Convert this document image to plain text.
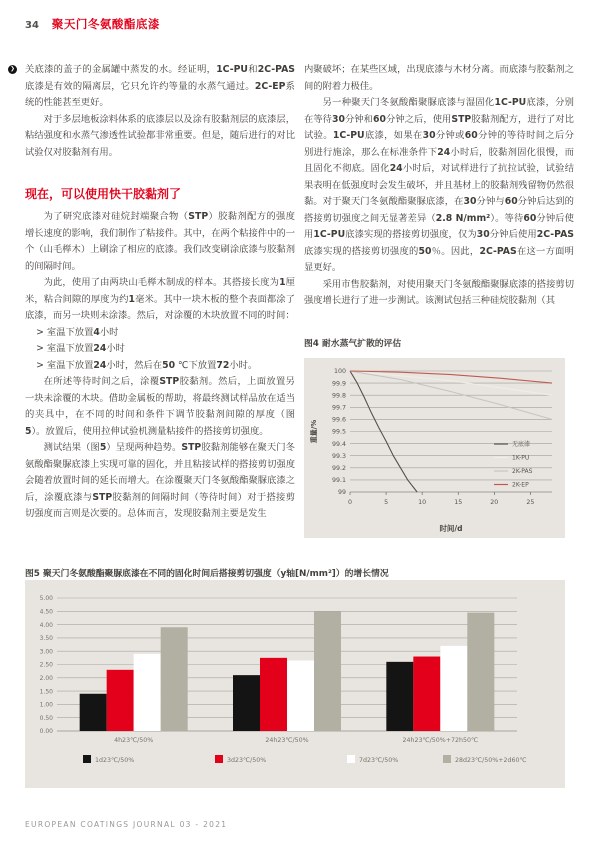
34 聚天门冬氨酸酯底漆
❯ 关底漆的盖子的金属罐中蒸发的水。经证明，1C-PU和2C-PAS底漆是有效的隔离层，它只允许约等量的水蒸气通过。2C-EP系统的性能甚至更好。

对于多层地板涂料体系的底漆层以及涂有胶黏剂层的底漆层，粘结强度和水蒸气渗透性试验都非常重要。但是，随后进行的对比试验仅对胶黏剂有用。

现在，可以使用快干胶黏剂了

为了研究底漆对硅烷封端聚合物（STP）胶黏剂配方的强度增长速度的影响，我们制作了粘接件。其中，在两个粘接件中的一个（山毛榉木）上刷涂了相应的底漆。我们改变刷涂底漆与胶黏剂的间隔时间。

为此，使用了由两块山毛榉木制成的样本。其搭接长度为1厘米，粘合间隙的厚度为约1毫米。其中一块木板的整个表面都涂了底漆，而另一块则未涂漆。然后，对涂覆的木块放置不同的时间：

> 室温下放置4小时

> 室温下放置24小时

> 室温下放置24小时，然后在50 ℃下放置72小时。

在所述等待时间之后，涂覆STP胶黏剂。然后，上面放置另一块未涂覆的木块。借助金属板的帮助，将最终测试样品放在适当的夹具中，在不同的时间和条件下调节胶黏剂间隙的厚度（图5）。放置后，使用拉伸试验机测量粘接件的搭接剪切强度。

测试结果（图5）呈现两种趋势。STP胶黏剂能够在聚天门冬氨酸酯聚脲底漆上实现可靠的固化，并且粘接试样的搭接剪切强度会随着放置时间的延长而增大。在涂覆聚天门冬氨酸酯聚脲底漆之后，涂覆底漆与STP胶黏剂的间隔时间（等待时间）对于搭接剪切强度而言则是次要的。总体而言，发现胶黏剂主要是发生

内聚破坏；在某些区域，出现底漆与木材分离。而底漆与胶黏剂之间的附着力极佳。

另一种聚天门冬氨酸酯聚脲底漆与湿固化1C-PU底漆，分别在等待30分钟和60分钟之后，使用STP胶黏剂配方，进行了对比试验。1C-PU底漆，如果在30分钟或60分钟的等待时间之后分别进行施涂，那么在标准条件下24小时后，胶黏剂固化很慢，而且固化不彻底。固化24小时后，对试样进行了抗拉试验，试验结果表明在低强度时会发生破坏，并且基材上的胶黏剂残留物仍然很黏。对于聚天门冬氨酸酯聚脲底漆，在30分钟与60分钟后达到的搭接剪切强度之间无显著差异（2.8 N/mm²）。等待60分钟后使用1C-PU底漆实现的搭接剪切强度，仅为30分钟后使用2C-PAS底漆实现的搭接剪切强度的50％。因此，2C-PAS在这一方面明显更好。

采用市售胶黏剂，对使用聚天门冬氨酸酯聚脲底漆的搭接剪切强度增长进行了进一步测试。该测试包括三种硅烷胶黏剂（其

图4 耐水蒸气扩散的评估

100
99.9
99.8
99.7
99.6
99.5
99.4
99.3
99.2
99.1
99
0	5	10	15	20	25
无底漆
1K-PU
2K-PAS
2K-EP
时间/d
重量/%

图5 聚天门冬氨酸酯聚脲底漆在不同的固化时间后搭接剪切强度（y轴[N/mm²]）的增长情况

0.00
0.50
1.00
1.50
2.00
2.50
3.00
3.50
4.00
4.50
5.00
4h23℃/50%	24h23℃/50%	24h23℃/50%+72h50℃
1d23℃/50%	3d23℃/50%	7d23℃/50%	28d23℃/50%+2d60℃
EUROPEAN COATINGS JOURNAL 03 - 2021
